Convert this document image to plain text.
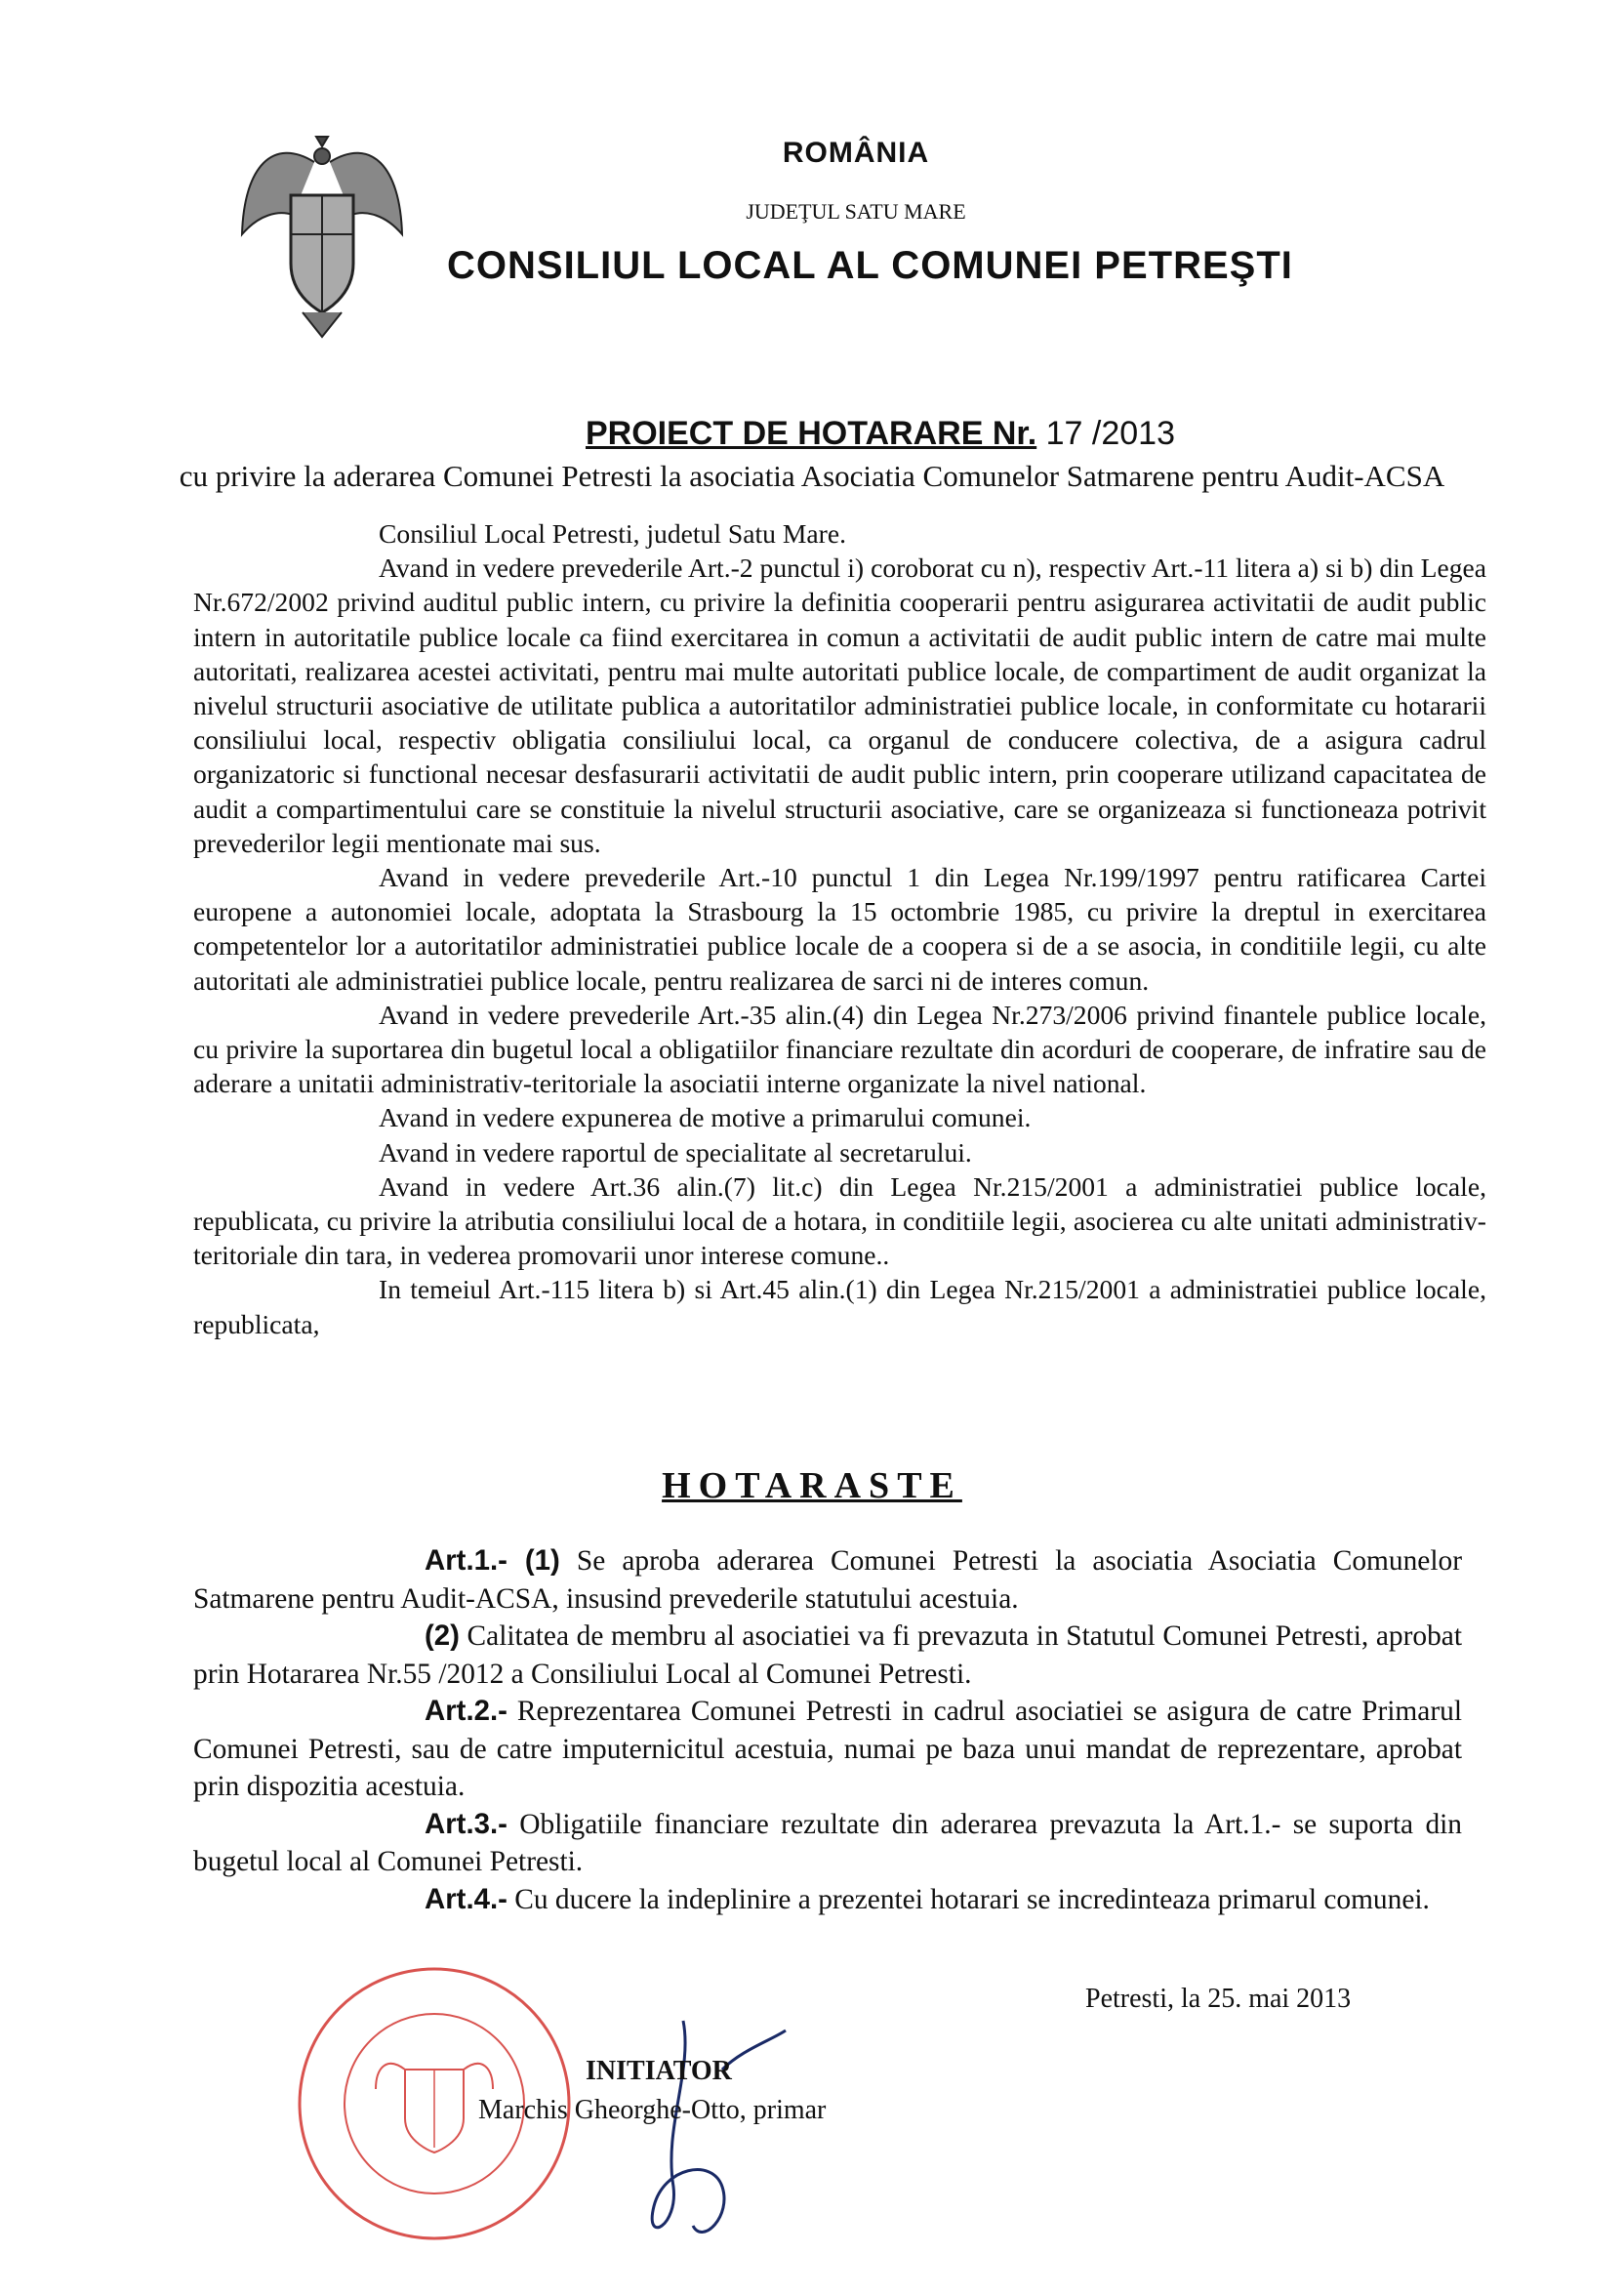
ROMÂNIA
JUDEŢUL SATU MARE
CONSILIUL LOCAL AL COMUNEI PETREŞTI
PROIECT DE HOTARARE Nr. 17 /2013
cu privire la aderarea Comunei Petresti la asociatia Asociatia Comunelor Satmarene pentru Audit-ACSA

Consiliul Local Petresti, judetul Satu Mare.

Avand in vedere prevederile Art.-2 punctul i) coroborat cu n), respectiv Art.-11 litera a) si b) din Legea Nr.672/2002 privind auditul public intern, cu privire la definitia cooperarii pentru asigurarea activitatii de audit public intern in autoritatile publice locale ca fiind exercitarea in comun a activitatii de audit public intern de catre mai multe autoritati, realizarea acestei activitati, pentru mai multe autoritati publice locale, de compartiment de audit organizat la nivelul structurii asociative de utilitate publica a autoritatilor administratiei publice locale, in conformitate cu hotararii consiliului local, respectiv obligatia consiliului local, ca organul de conducere colectiva, de a asigura cadrul organizatoric si functional necesar desfasurarii activitatii de audit public intern, prin cooperare utilizand capacitatea de audit a compartimentului care se constituie la nivelul structurii asociative, care se organizeaza si functioneaza potrivit prevederilor legii mentionate mai sus.

Avand in vedere prevederile Art.-10 punctul 1 din Legea Nr.199/1997 pentru ratificarea Cartei europene a autonomiei locale, adoptata la Strasbourg la 15 octombrie 1985, cu privire la dreptul in exercitarea competentelor lor a autoritatilor administratiei publice locale de a coopera si de a se asocia, in conditiile legii, cu alte autoritati ale administratiei publice locale, pentru realizarea de sarci ni de interes comun.

Avand in vedere prevederile Art.-35 alin.(4) din Legea Nr.273/2006 privind finantele publice locale, cu privire la suportarea din bugetul local a obligatiilor financiare rezultate din acorduri de cooperare, de infratire sau de aderare a unitatii administrativ-teritoriale la asociatii interne organizate la nivel national.

Avand in vedere expunerea de motive a primarului comunei.

Avand in vedere raportul de specialitate al secretarului.

Avand in vedere Art.36 alin.(7) lit.c) din Legea Nr.215/2001 a administratiei publice locale, republicata, cu privire la atributia consiliului local de a hotara, in conditiile legii, asocierea cu alte unitati administrativ-teritoriale din tara, in vederea promovarii unor interese comune..

In temeiul Art.-115 litera b) si Art.45 alin.(1) din Legea Nr.215/2001 a administratiei publice locale, republicata,

HOTARASTE

Art.1.- (1) Se aproba aderarea Comunei Petresti la asociatia Asociatia Comunelor Satmarene pentru Audit-ACSA, insusind prevederile statutului acestuia.

(2) Calitatea de membru al asociatiei va fi prevazuta in Statutul Comunei Petresti, aprobat prin Hotararea Nr.55 /2012 a Consiliului Local al Comunei Petresti.

Art.2.- Reprezentarea Comunei Petresti in cadrul asociatiei se asigura de catre Primarul Comunei Petresti, sau de catre imputernicitul acestuia, numai pe baza unui mandat de reprezentare, aprobat prin dispozitia acestuia.

Art.3.- Obligatiile financiare rezultate din aderarea prevazuta la Art.1.- se suporta din bugetul local al Comunei Petresti.

Art.4.- Cu ducere la indeplinire a prezentei hotarari se incredinteaza primarul comunei.

Petresti, la 25. mai 2013
INITIATOR
Marchis Gheorghe-Otto, primar
